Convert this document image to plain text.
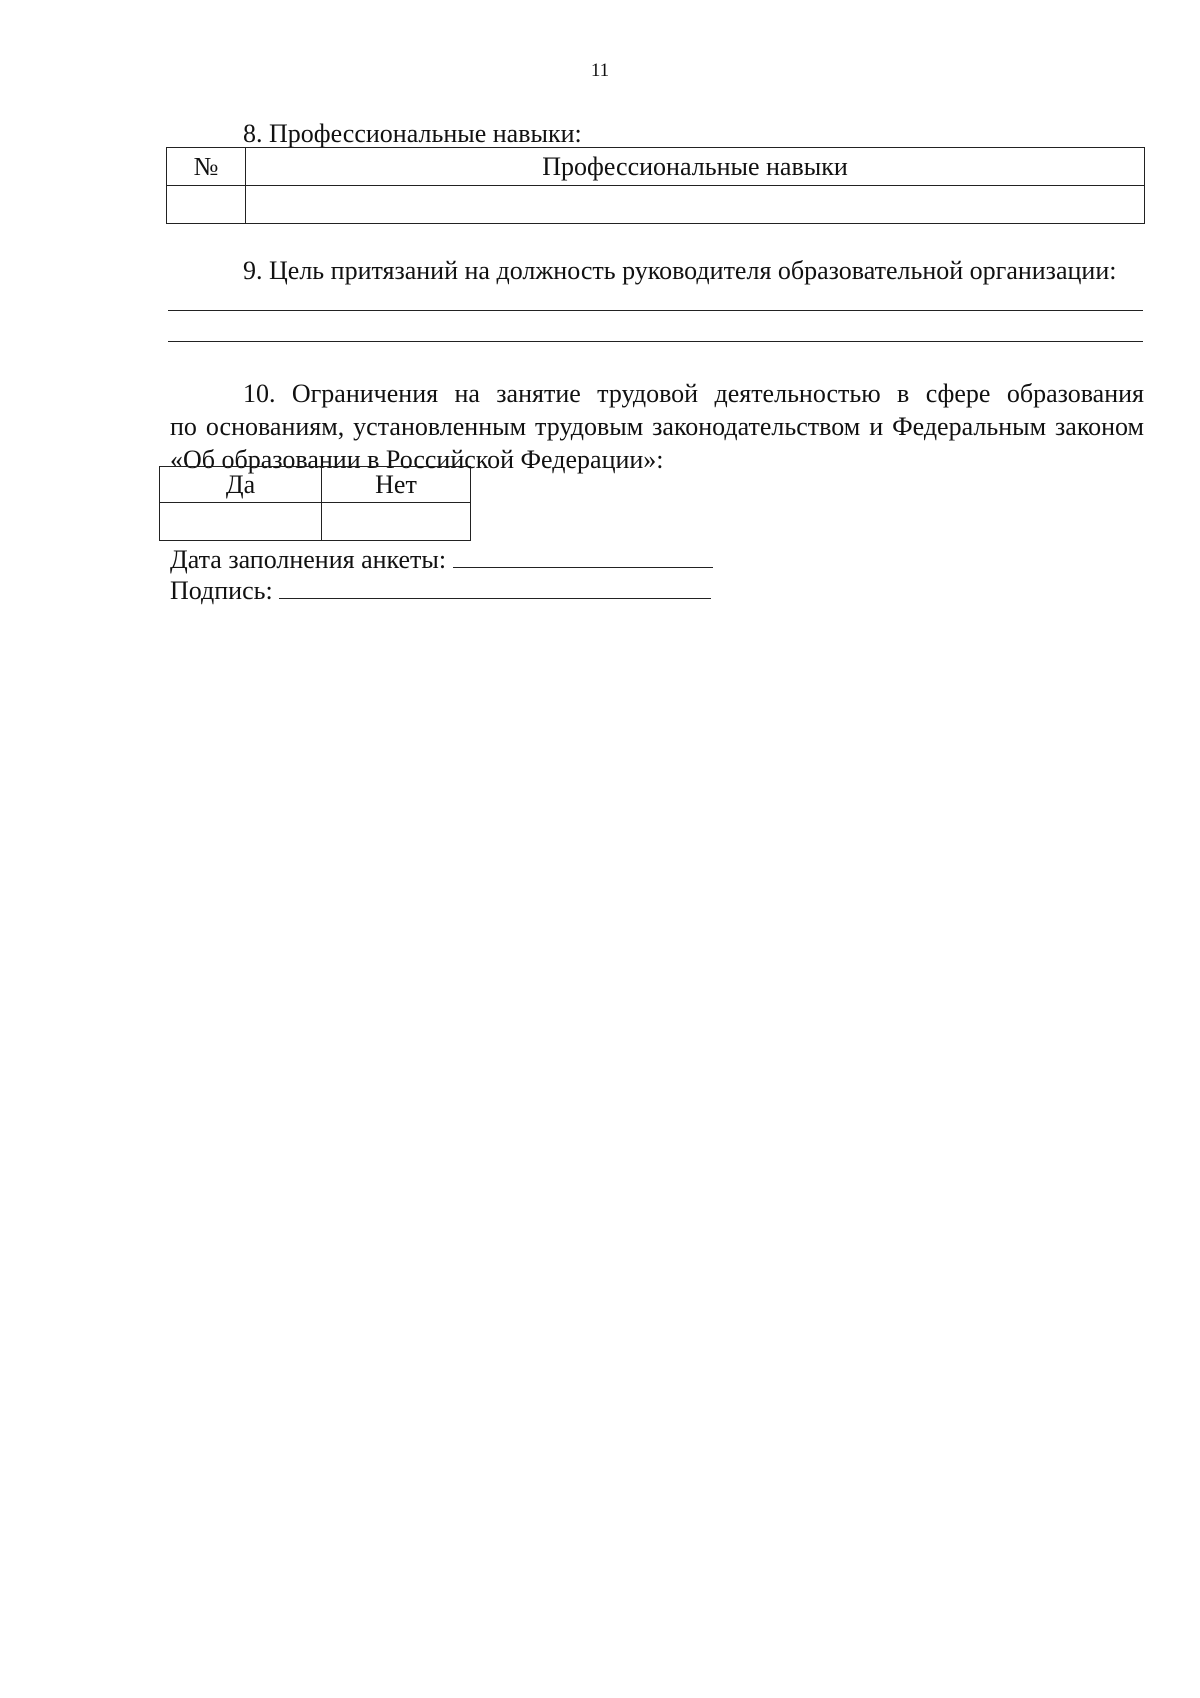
11
8. Профессиональные навыки:
№	Профессиональные навыки

9. Цель притязаний на должность руководителя образовательной организации:
10. Ограничения на занятие трудовой деятельностью в сфере образования
по основаниям, установленным трудовым законодательством и Федеральным законом
«Об образовании в Российской Федерации»:
Да	Нет

Дата заполнения анкеты:
Подпись:
